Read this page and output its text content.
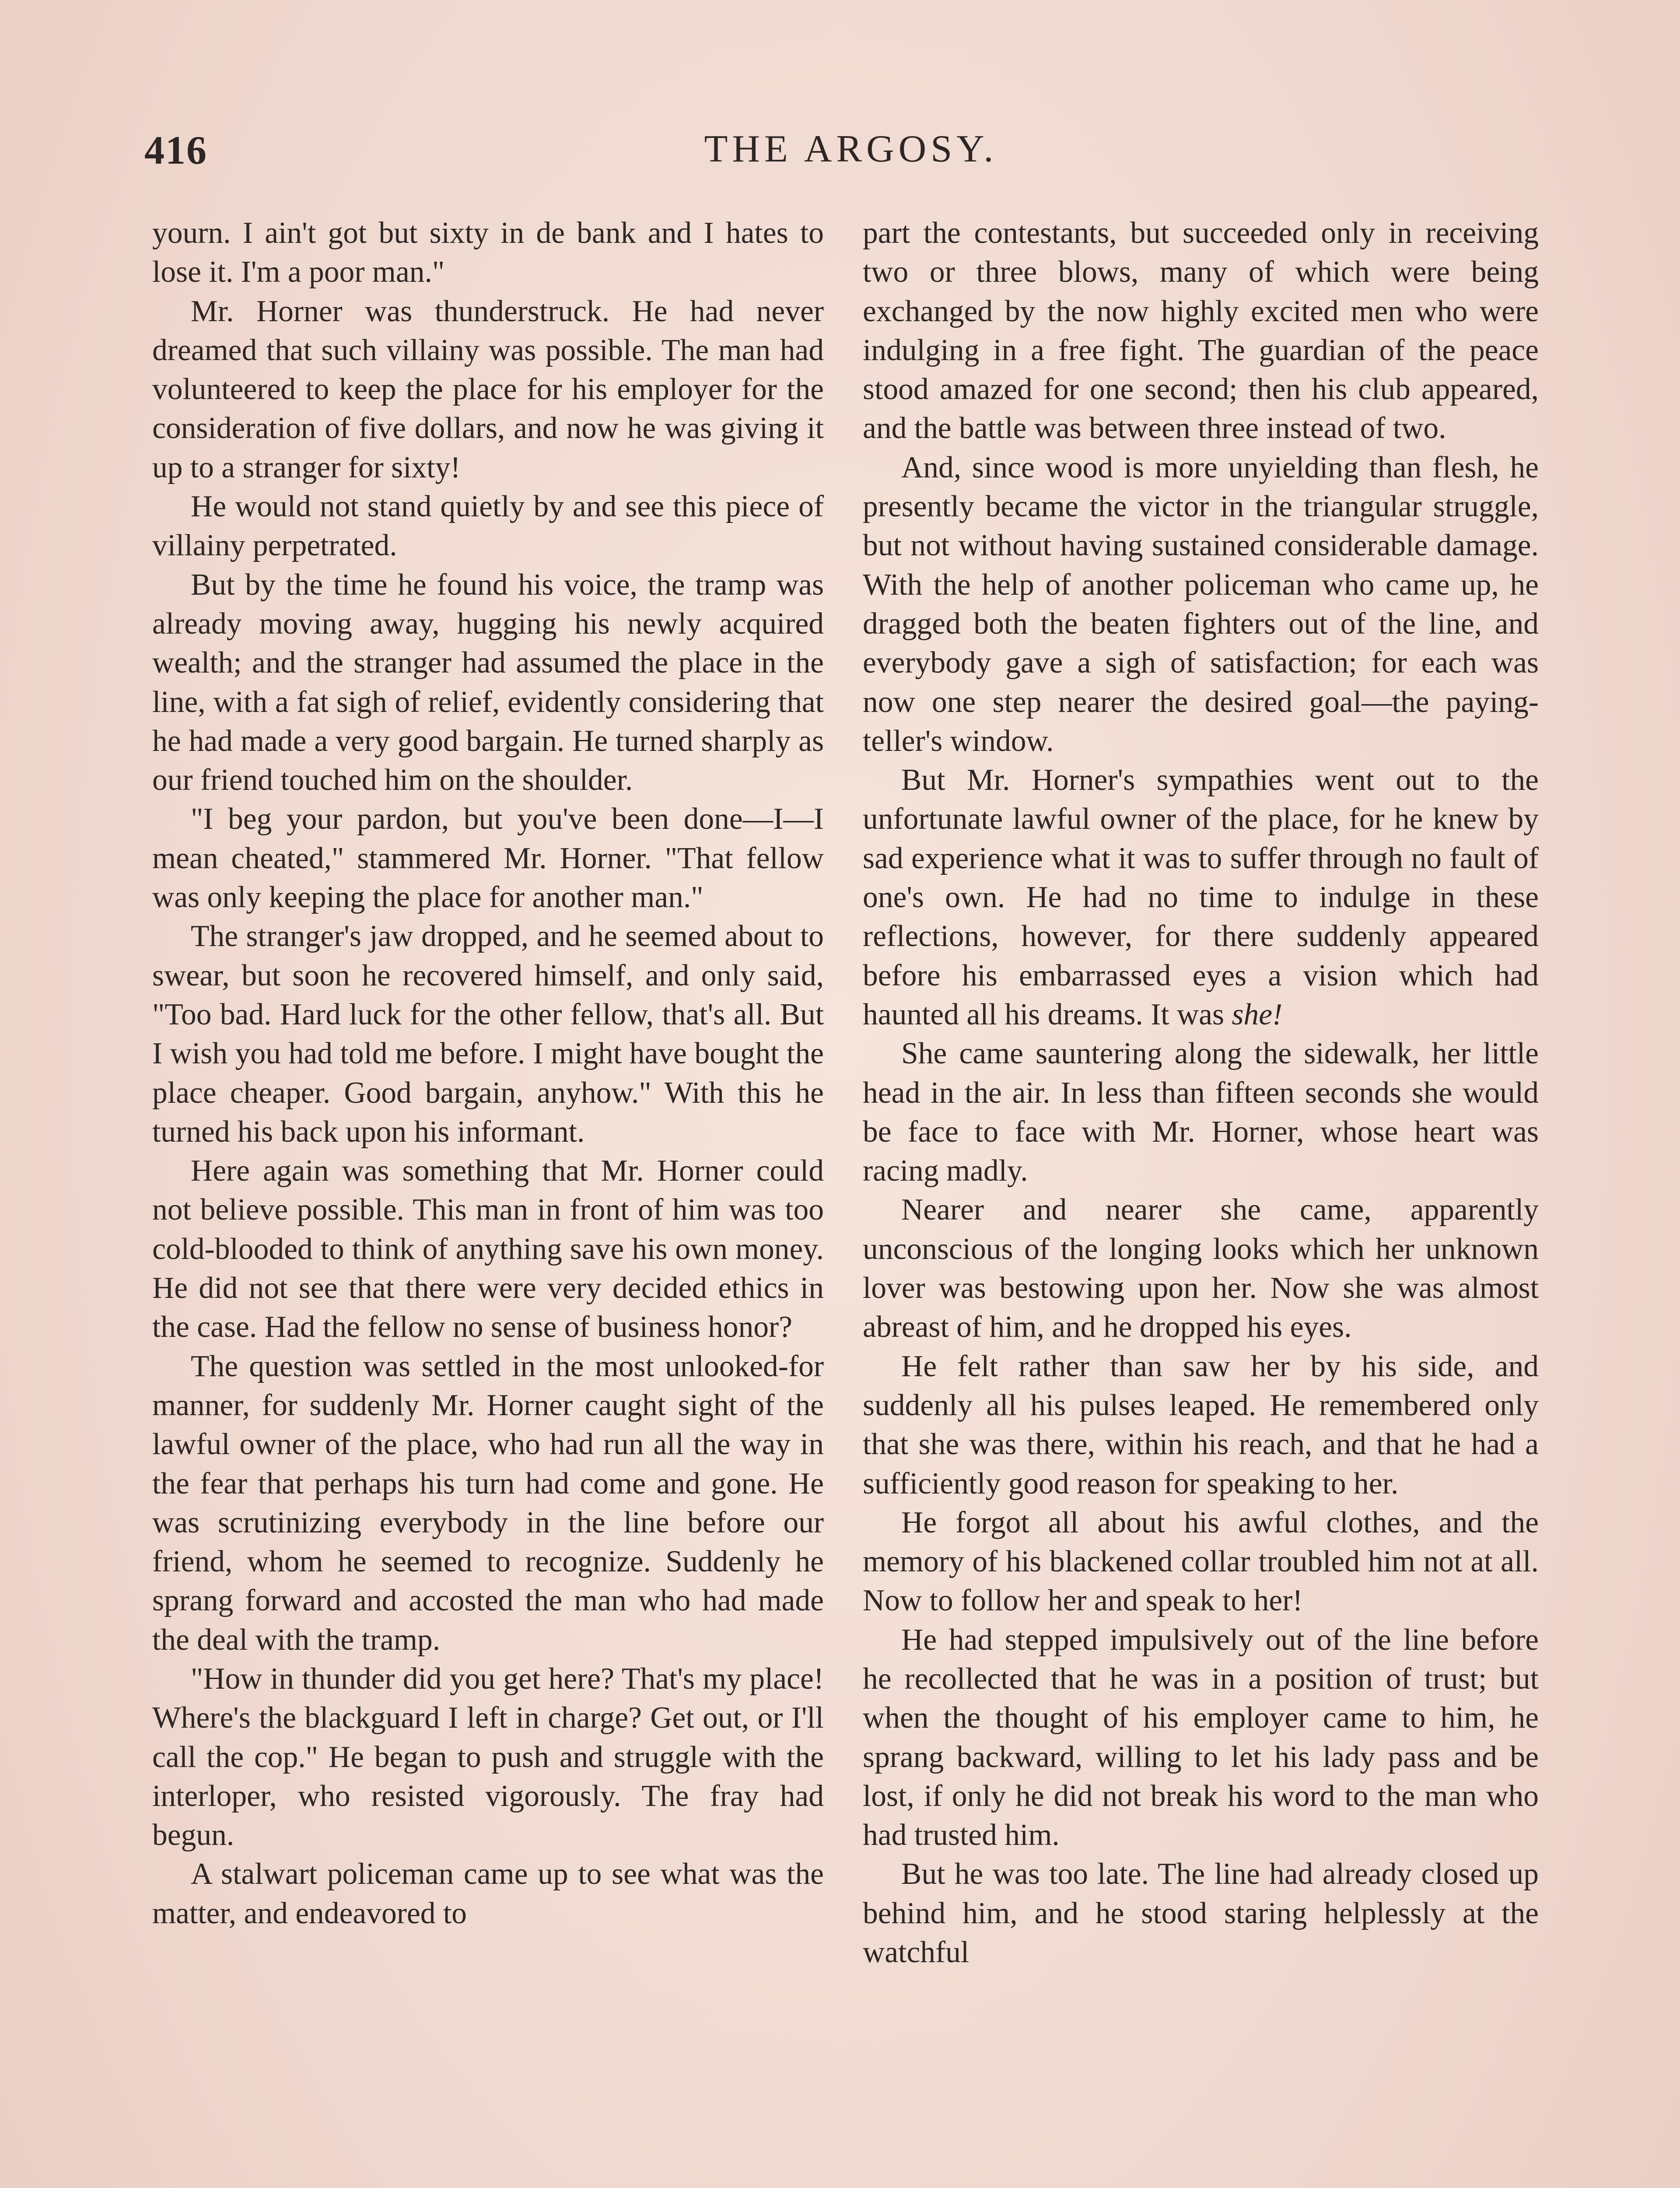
416	THE ARGOSY.

yourn. I ain't got but sixty in de bank and I hates to lose it. I'm a poor man."

Mr. Horner was thunderstruck. He had never dreamed that such villainy was possible. The man had volunteered to keep the place for his employer for the consideration of five dollars, and now he was giving it up to a stranger for sixty!

He would not stand quietly by and see this piece of villainy perpetrated.

But by the time he found his voice, the tramp was already moving away, hugging his newly acquired wealth; and the stranger had assumed the place in the line, with a fat sigh of relief, evidently considering that he had made a very good bargain. He turned sharply as our friend touched him on the shoulder.

"I beg your pardon, but you've been done—I—I mean cheated," stammered Mr. Horner. "That fellow was only keeping the place for another man."

The stranger's jaw dropped, and he seemed about to swear, but soon he recovered himself, and only said, "Too bad. Hard luck for the other fellow, that's all. But I wish you had told me before. I might have bought the place cheaper. Good bargain, anyhow." With this he turned his back upon his informant.

Here again was something that Mr. Horner could not believe possible. This man in front of him was too cold-blooded to think of anything save his own money. He did not see that there were very decided ethics in the case. Had the fellow no sense of business honor?

The question was settled in the most unlooked-for manner, for suddenly Mr. Horner caught sight of the lawful owner of the place, who had run all the way in the fear that perhaps his turn had come and gone. He was scrutinizing everybody in the line before our friend, whom he seemed to recognize. Suddenly he sprang forward and accosted the man who had made the deal with the tramp.

"How in thunder did you get here? That's my place! Where's the blackguard I left in charge? Get out, or I'll call the cop." He began to push and struggle with the interloper, who resisted vigorously. The fray had begun.

A stalwart policeman came up to see what was the matter, and endeavored to

part the contestants, but succeeded only in receiving two or three blows, many of which were being exchanged by the now highly excited men who were indulging in a free fight. The guardian of the peace stood amazed for one second; then his club appeared, and the battle was between three instead of two.

And, since wood is more unyielding than flesh, he presently became the victor in the triangular struggle, but not without having sustained considerable damage. With the help of another policeman who came up, he dragged both the beaten fighters out of the line, and everybody gave a sigh of satisfaction; for each was now one step nearer the desired goal—the paying-teller's window.

But Mr. Horner's sympathies went out to the unfortunate lawful owner of the place, for he knew by sad experience what it was to suffer through no fault of one's own. He had no time to indulge in these reflections, however, for there suddenly appeared before his embarrassed eyes a vision which had haunted all his dreams. It was she!

She came sauntering along the sidewalk, her little head in the air. In less than fifteen seconds she would be face to face with Mr. Horner, whose heart was racing madly.

Nearer and nearer she came, apparently unconscious of the longing looks which her unknown lover was bestowing upon her. Now she was almost abreast of him, and he dropped his eyes.

He felt rather than saw her by his side, and suddenly all his pulses leaped. He remembered only that she was there, within his reach, and that he had a sufficiently good reason for speaking to her.

He forgot all about his awful clothes, and the memory of his blackened collar troubled him not at all. Now to follow her and speak to her!

He had stepped impulsively out of the line before he recollected that he was in a position of trust; but when the thought of his employer came to him, he sprang backward, willing to let his lady pass and be lost, if only he did not break his word to the man who had trusted him.

But he was too late. The line had already closed up behind him, and he stood staring helplessly at the watchful
